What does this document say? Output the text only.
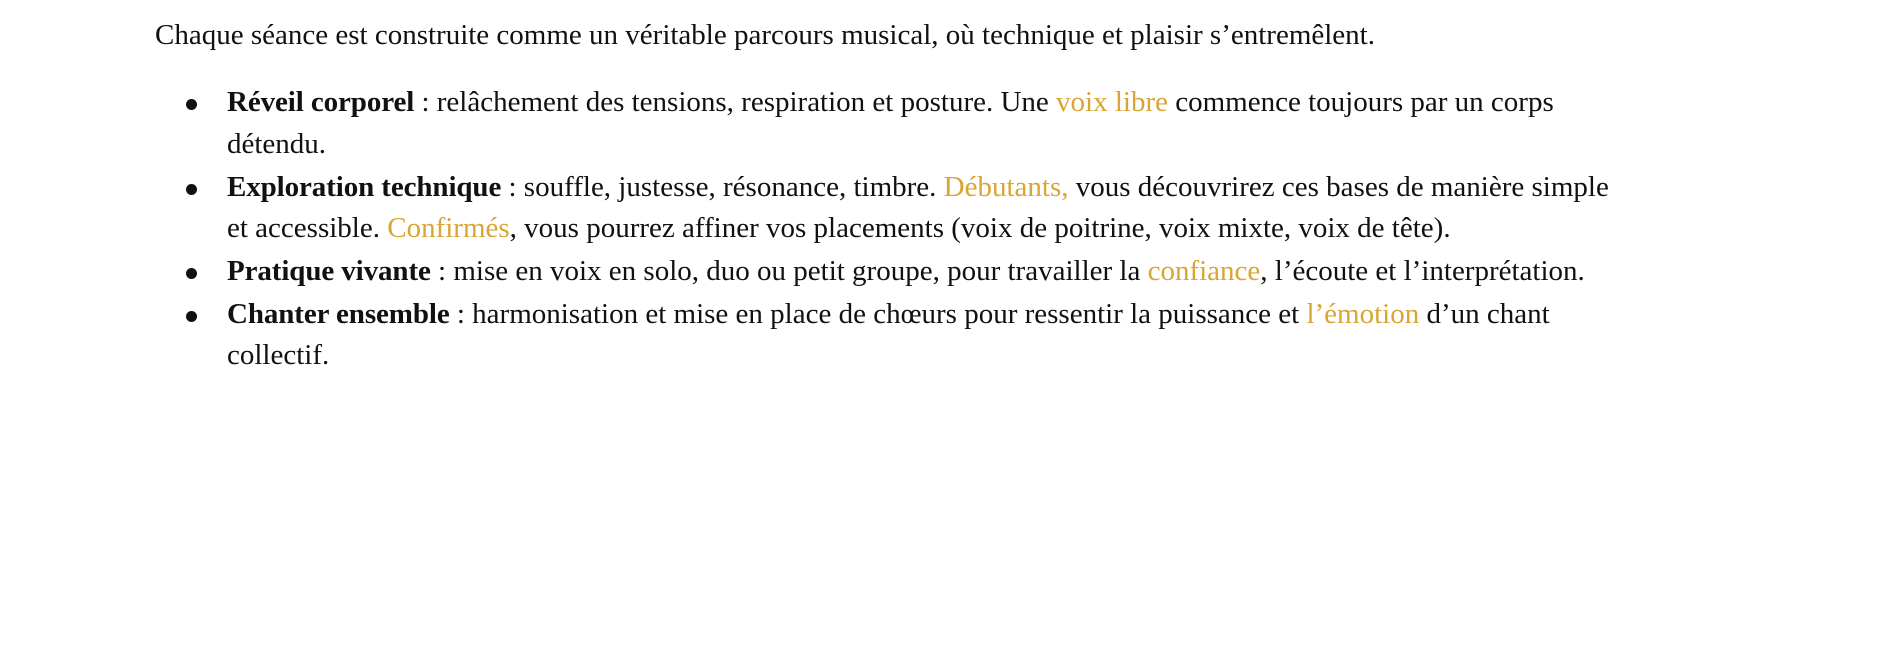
Chaque séance est construite comme un véritable parcours musical, où technique et plaisir s’entremêlent.

Réveil corporel : relâchement des tensions, respiration et posture. Une voix libre commence toujours par un corps détendu.
Exploration technique : souffle, justesse, résonance, timbre. Débutants, vous découvrirez ces bases de manière simple et accessible. Confirmés, vous pourrez affiner vos placements (voix de poitrine, voix mixte, voix de tête).
Pratique vivante : mise en voix en solo, duo ou petit groupe, pour travailler la confiance, l’écoute et l’interprétation.
Chanter ensemble : harmonisation et mise en place de chœurs pour ressentir la puissance et l’émotion d’un chant collectif.
